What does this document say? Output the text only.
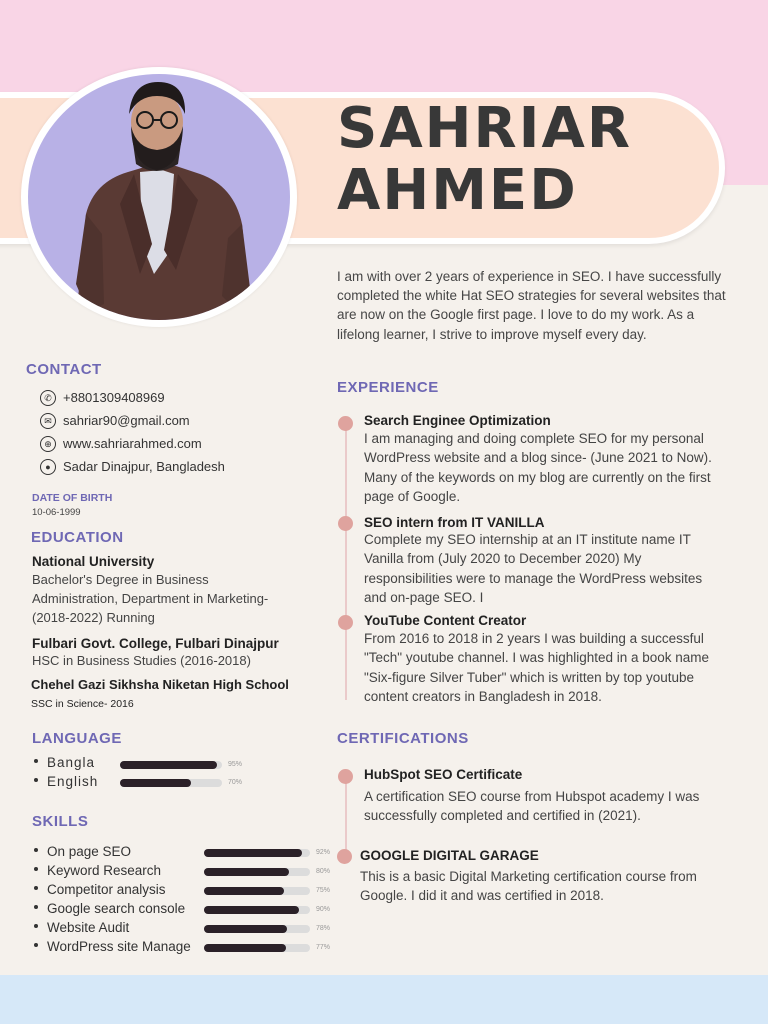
SAHRIAR
AHMED

I am with over 2 years of experience in SEO. I have successfully completed the white Hat SEO strategies for several websites that are now on the Google first page. I love to do my work. As a lifelong learner, I strive to improve myself every day.

CONTACT
✆ +8801309408969
✉ sahriar90@gmail.com
⊕ www.sahriarahmed.com
● Sadar Dinajpur, Bangladesh
DATE OF BIRTH
10-06-1999
EDUCATION
National University

Bachelor's Degree in Business Administration, Department in Marketing-(2018-2022) Running

Fulbari Govt. College, Fulbari Dinajpur

HSC in Business Studies (2016-2018)

Chehel Gazi Sikhsha Niketan High School

SSC in Science- 2016

LANGUAGE
Bangla	95%
English	70%
SKILLS
On page SEO	92%
Keyword Research	80%
Competitor analysis	75%
Google search console	90%
Website Audit	78%
WordPress site Manage	77%
EXPERIENCE
Search Enginee Optimization

I am managing and doing complete SEO for my personal WordPress website and a blog since- (June 2021 to Now). Many of the keywords on my blog are currently on the first page of Google.

SEO intern from IT VANILLA

Complete my SEO internship at an IT institute name IT Vanilla from (July 2020 to December 2020) My responsibilities were to manage the WordPress websites and on-page SEO. I

YouTube Content Creator

From 2016 to 2018 in 2 years I was building a successful "Tech" youtube channel. I was highlighted in a book name "Six-figure Silver Tuber" which is written by top youtube content creators in Bangladesh in 2018.

CERTIFICATIONS
HubSpot SEO Certificate

A certification SEO course from Hubspot academy I was successfully completed and certified in (2021).

GOOGLE DIGITAL GARAGE

This is a basic Digital Marketing certification course from Google. I did it and was certified in 2018.
